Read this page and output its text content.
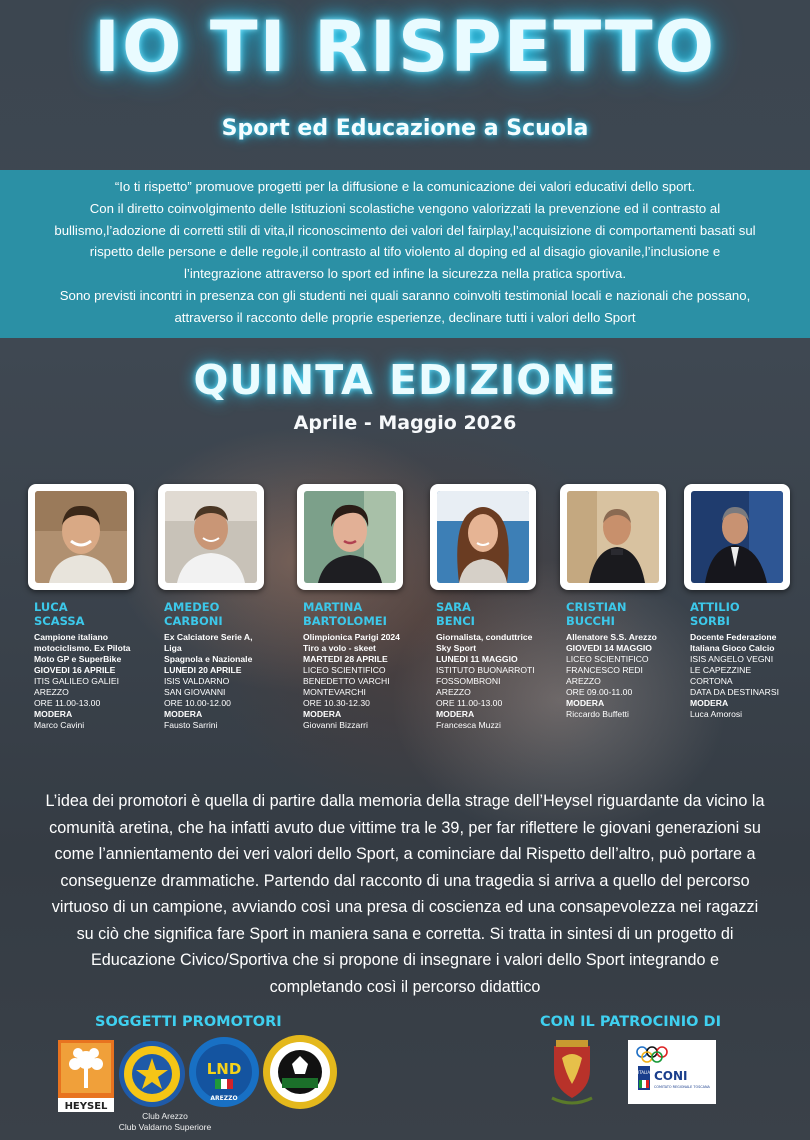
IO TI RISPETTO
Sport ed Educazione a Scuola

“Io ti rispetto” promuove progetti per la diffusione e la comunicazione dei valori educativi dello sport.

Con il diretto coinvolgimento delle Istituzioni scolastiche vengono valorizzati la prevenzione ed il contrasto al

bullismo,l’adozione di corretti stili di vita,il riconoscimento dei valori del fairplay,l’acquisizione di comportamenti basati sul

rispetto delle persone e delle regole,il contrasto al tifo violento al doping ed al disagio giovanile,l’inclusione e

l’integrazione attraverso lo sport ed infine la sicurezza nella pratica sportiva.

Sono previsti incontri in presenza con gli studenti nei quali saranno coinvolti testimonial locali e nazionali che possano,

attraverso il racconto delle proprie esperienze, declinare tutti i valori dello Sport

QUINTA EDIZIONE
Aprile - Maggio 2026
LUCA
SCASSA
Campione italiano
motociclismo. Ex Pilota
Moto GP e SuperBike
GIOVEDI 16 APRILE
ITIS GALILEO GALIEI
AREZZO
ORE 11.00-13.00
MODERA
Marco Cavini
AMEDEO
CARBONI
Ex Calciatore Serie A, Liga
Spagnola e Nazionale
LUNEDI 20 APRILE
ISIS VALDARNO
SAN GIOVANNI
ORE 10.00-12.00
MODERA
Fausto Sarrini
MARTINA
BARTOLOMEI
Olimpionica Parigi 2024
Tiro a volo - skeet
MARTEDI 28 APRILE
LICEO SCIENTIFICO
BENEDETTO VARCHI
MONTEVARCHI
ORE 10.30-12.30
MODERA
Giovanni Bizzarri
SARA
BENCI
Giornalista, conduttrice
Sky Sport
LUNEDI 11 MAGGIO
ISTITUTO BUONARROTI
FOSSOMBRONI
AREZZO
ORE 11.00-13.00
MODERA
Francesca Muzzi
CRISTIAN
BUCCHI
Allenatore S.S. Arezzo
GIOVEDI 14 MAGGIO
LICEO SCIENTIFICO
FRANCESCO REDI
AREZZO
ORE 09.00-11.00
MODERA
Riccardo Buffetti
ATTILIO
SORBI
Docente Federazione
Italiana Gioco Calcio
ISIS ANGELO VEGNI
LE CAPEZZINE
CORTONA
DATA DA DESTINARSI
MODERA
Luca Amorosi

L’idea dei promotori è quella di partire dalla memoria della strage dell’Heysel riguardante da vicino la

comunità aretina, che ha infatti avuto due vittime tra le 39, per far riflettere le giovani generazioni su

come l’annientamento dei veri valori dello Sport, a cominciare dal Rispetto dell’altro, può portare a

conseguenze drammatiche. Partendo dal racconto di una tragedia si arriva a quello del percorso

virtuoso di un campione, avviando così una presa di coscienza ed una consapevolezza nei ragazzi

su ciò che significa fare Sport in maniera sana e corretta. Si tratta in sintesi di un progetto di

Educazione Civico/Sportiva che si propone di insegnare i valori dello Sport integrando e

completando così il percorso didattico

SOGGETTI PROMOTORI	CON IL PATROCINIO DI
HEYSEL
LND
AREZZO
Club Arezzo
Club Valdarno Superiore
ITALIA CONI
COMITATO REGIONALE TOSCANA
